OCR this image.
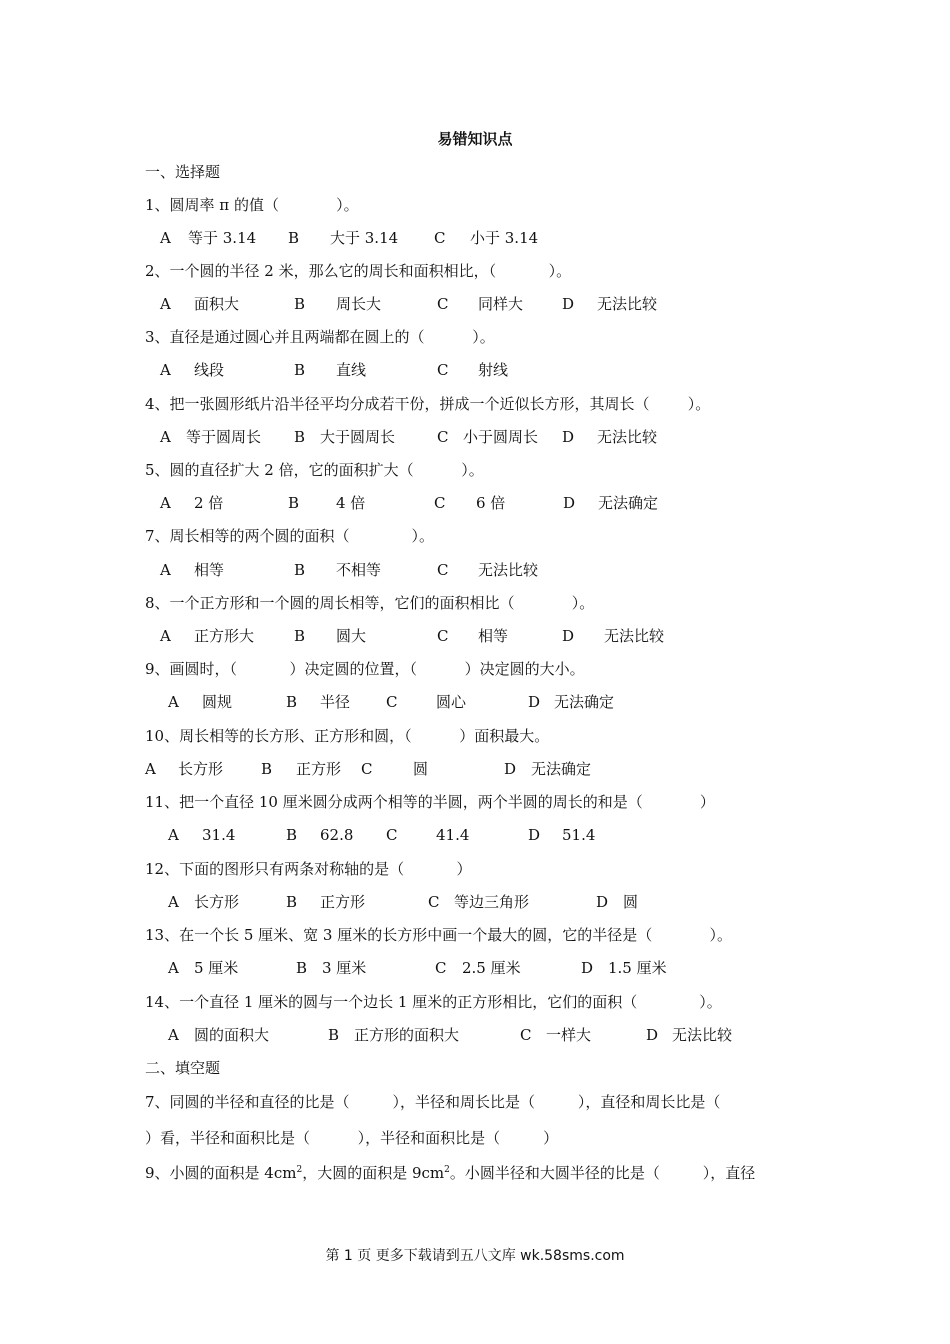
易错知识点
一、选择题
1、圆周率 π 的值（            ）。
A 等于 3.14 B 大于 3.14 C 小于 3.14
2、一个圆的半径 2 米，那么它的周长和面积相比，（           ）。
A 面积大	B 周长大	C 同样大	D 无法比较
3、直径是通过圆心并且两端都在圆上的（          ）。
A 线段	B 直线	C 射线
4、把一张圆形纸片沿半径平均分成若干份，拼成一个近似长方形，其周长（        ）。
A 等于圆周长 B 大于圆周长	C 小于圆周长 D 无法比较
5、圆的直径扩大 2 倍，它的面积扩大（          ）。
A 2 倍	B 4 倍	C 6 倍	D 无法确定
7、周长相等的两个圆的面积（             ）。
A 相等	B 不相等	C 无法比较
8、一个正方形和一个圆的周长相等，它们的面积相比（            ）。
A 正方形大	B 圆大	C 相等	D 无法比较
9、画圆时，（           ）决定圆的位置，（          ）决定圆的大小。
A 圆规	B 半径 C	圆心	D 无法确定
10、周长相等的长方形、正方形和圆，（          ）面积最大。
A 长方形	B 正方形 C	圆	D 无法确定
11、把一个直径 10 厘米圆分成两个相等的半圆，两个半圆的周长的和是（            ）
A 31.4	B 62.8 C	41.4	D 51.4
12、下面的图形只有两条对称轴的是（           ）
A 长方形	B 正方形	C 等边三角形	D 圆
13、在一个长 5 厘米、宽 3 厘米的长方形中画一个最大的圆，它的半径是（            ）。
A 5 厘米	B 3 厘米	C 2.5 厘米	D 1.5 厘米
14、一个直径 1 厘米的圆与一个边长 1 厘米的正方形相比，它们的面积（             ）。
A 圆的面积大	B 正方形的面积大	C 一样大	D 无法比较
二、填空题
7、同圆的半径和直径的比是（         ），半径和周长比是（         ），直径和周长比是（
）看，半径和面积比是（          ），半径和面积比是（         ）
9、小圆的面积是 $4cm^2$，大圆的面积是 $9cm^2$。小圆半径和大圆半径的比是（         ），直径
第 1 页 更多下载请到五八文库 wk.58sms.com
